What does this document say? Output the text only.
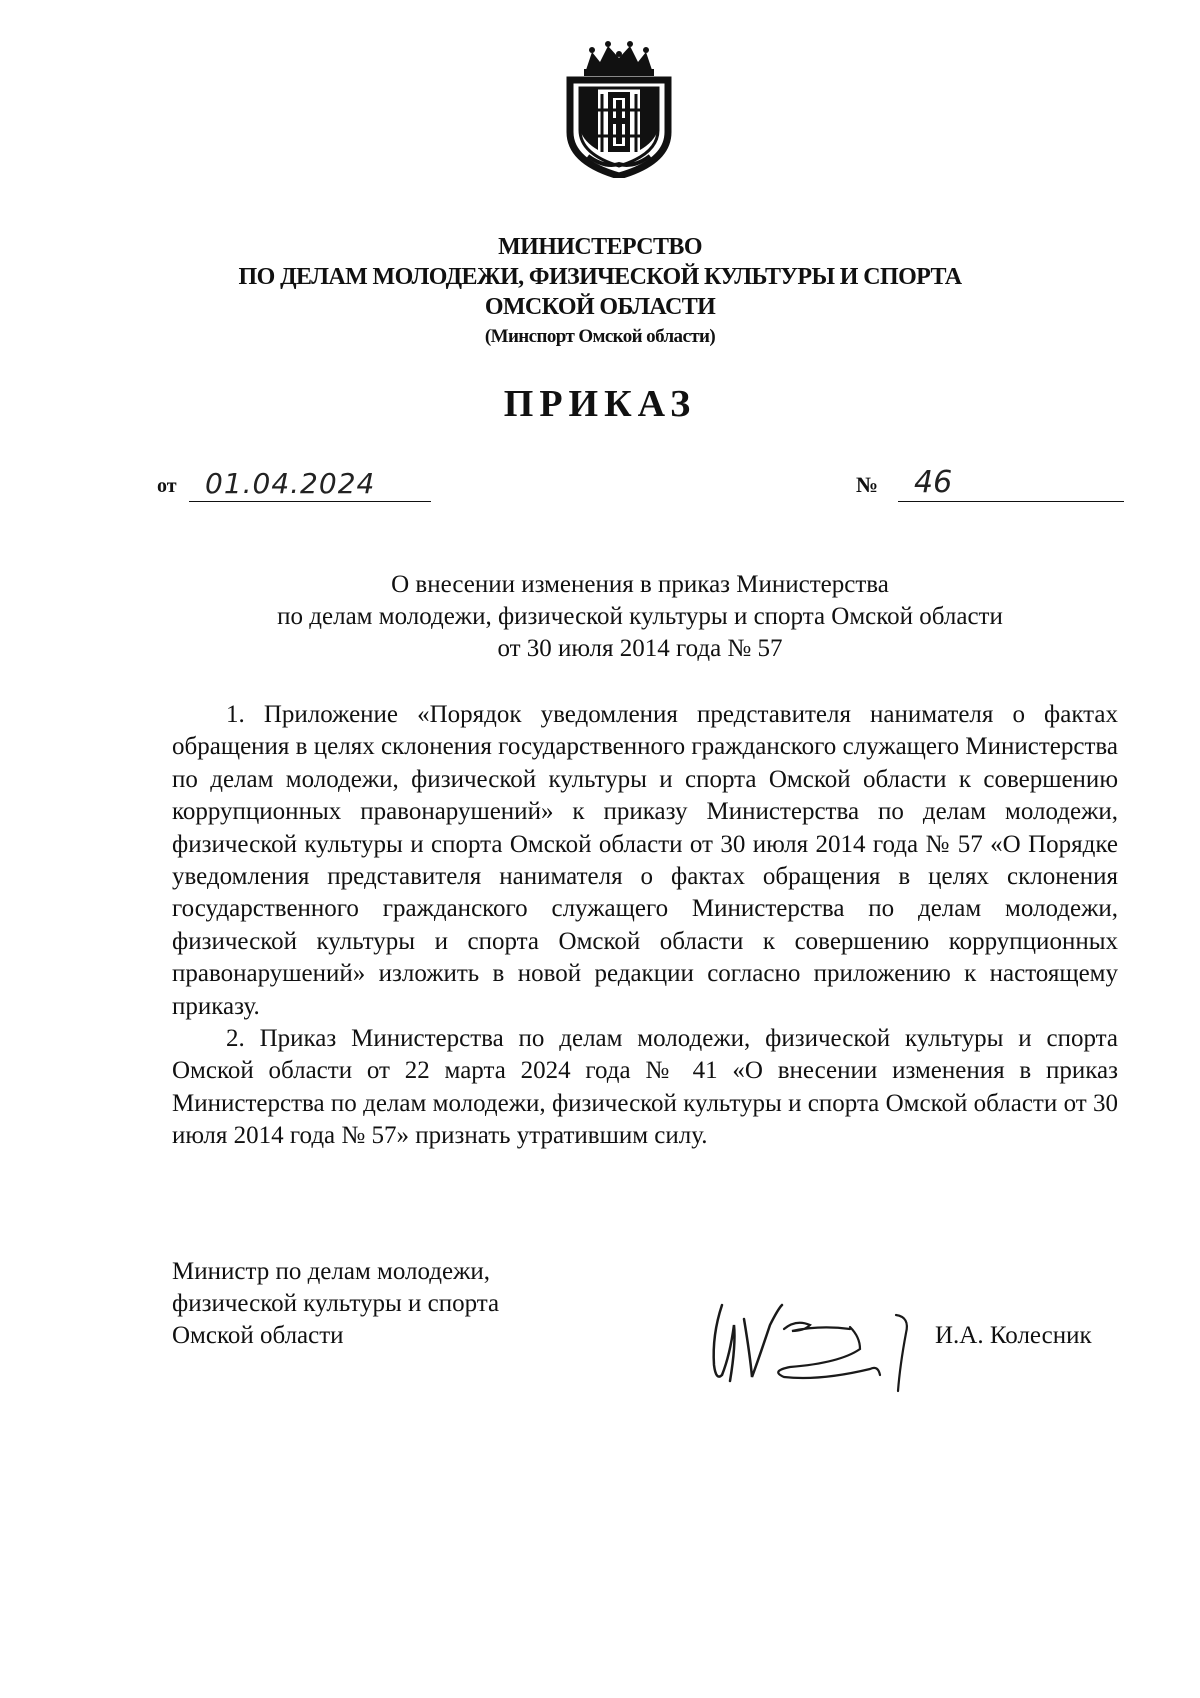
МИНИСТЕРСТВО
ПО ДЕЛАМ МОЛОДЕЖИ, ФИЗИЧЕСКОЙ КУЛЬТУРЫ И СПОРТА
ОМСКОЙ ОБЛАСТИ
(Минспорт Омской области)
ПРИКАЗ
от 01.04.2024	№ 46
О внесении изменения в приказ Министерства
по делам молодежи, физической культуры и спорта Омской области
от 30 июля 2014 года № 57

1. Приложение «Порядок уведомления представителя нанимателя о фактах обращения в целях склонения государственного гражданского служащего Министерства по делам молодежи, физической культуры и спорта Омской области к совершению коррупционных правонарушений» к приказу Министерства по делам молодежи, физической культуры и спорта Омской области от 30 июля 2014 года № 57 «О Порядке уведомления представителя нанимателя о фактах обращения в целях склонения государственного гражданского служащего Министерства по делам молодежи, физической культуры и спорта Омской области к совершению коррупционных правонарушений» изложить в новой редакции согласно приложению к настоящему приказу.

2. Приказ Министерства по делам молодежи, физической культуры и спорта Омской области от 22 марта 2024 года № 41 «О внесении изменения в приказ Министерства по делам молодежи, физической культуры и спорта Омской области от 30 июля 2014 года № 57» признать утратившим силу.

Министр по делам молодежи,
физической культуры и спорта
Омской области	И.А. Колесник
